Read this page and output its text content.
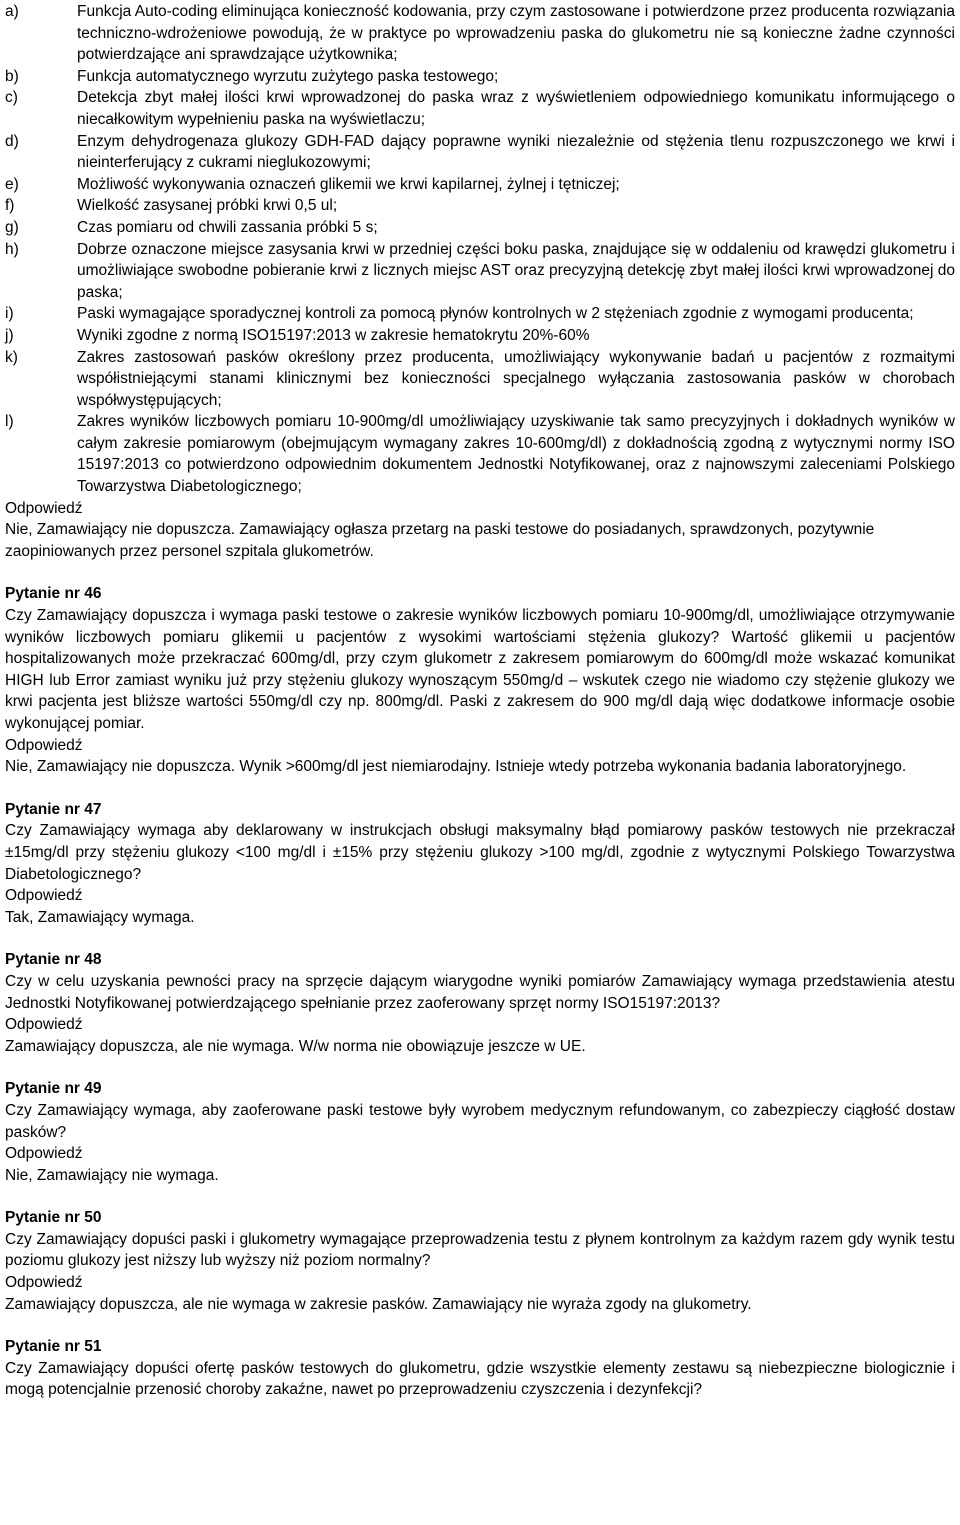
a)	Funkcja Auto-coding eliminująca konieczność kodowania, przy czym zastosowane i potwierdzone przez producenta rozwiązania techniczno-wdrożeniowe powodują, że w praktyce po wprowadzeniu paska do glukometru nie są konieczne żadne czynności potwierdzające ani sprawdzające użytkownika;
b)	Funkcja automatycznego wyrzutu zużytego paska testowego;
c)	Detekcja zbyt małej ilości krwi wprowadzonej do paska wraz z wyświetleniem odpowiedniego komunikatu informującego o niecałkowitym wypełnieniu paska na wyświetlaczu;
d)	Enzym dehydrogenaza glukozy GDH-FAD dający poprawne wyniki niezależnie od stężenia tlenu rozpuszczonego we krwi i nieinterferujący z cukrami nieglukozowymi;
e)	Możliwość wykonywania oznaczeń glikemii we krwi kapilarnej, żylnej i tętniczej;
f)	Wielkość zasysanej próbki krwi 0,5 ul;
g)	Czas pomiaru od chwili zassania próbki 5 s;
h)	Dobrze oznaczone miejsce zasysania krwi w przedniej części boku paska, znajdujące się w oddaleniu od krawędzi glukometru i umożliwiające swobodne pobieranie krwi z licznych miejsc AST oraz precyzyjną detekcję zbyt małej ilości krwi wprowadzonej do paska;
i)	Paski wymagające sporadycznej kontroli za pomocą płynów kontrolnych w 2 stężeniach zgodnie z wymogami producenta;
j)	Wyniki zgodne z normą ISO15197:2013 w zakresie hematokrytu 20%-60%
k)	Zakres zastosowań pasków określony przez producenta, umożliwiający wykonywanie badań u pacjentów z rozmaitymi współistniejącymi stanami klinicznymi bez konieczności specjalnego wyłączania zastosowania pasków w chorobach współwystępujących;
l)	Zakres wyników liczbowych pomiaru 10-900mg/dl umożliwiający uzyskiwanie tak samo precyzyjnych i dokładnych wyników w całym zakresie pomiarowym (obejmującym wymagany zakres 10-600mg/dl) z dokładnością zgodną z wytycznymi normy ISO 15197:2013 co potwierdzono odpowiednim dokumentem Jednostki Notyfikowanej, oraz z najnowszymi zaleceniami Polskiego Towarzystwa Diabetologicznego;

Odpowiedź

Nie, Zamawiający nie dopuszcza. Zamawiający ogłasza przetarg na paski testowe do posiadanych, sprawdzonych, pozytywnie zaopiniowanych przez personel szpitala glukometrów.

Pytanie nr 46

Czy Zamawiający dopuszcza i wymaga paski testowe o zakresie wyników liczbowych pomiaru 10-900mg/dl, umożliwiające otrzymywanie wyników liczbowych pomiaru glikemii u pacjentów z wysokimi wartościami stężenia glukozy? Wartość glikemii u pacjentów hospitalizowanych może przekraczać 600mg/dl, przy czym glukometr z zakresem pomiarowym do 600mg/dl może wskazać komunikat HIGH lub Error zamiast wyniku już przy stężeniu glukozy wynoszącym 550mg/d – wskutek czego nie wiadomo czy stężenie glukozy we krwi pacjenta jest bliższe wartości 550mg/dl czy np. 800mg/dl. Paski z zakresem do 900 mg/dl dają więc dodatkowe informacje osobie wykonującej pomiar.

Odpowiedź

Nie, Zamawiający nie dopuszcza. Wynik >600mg/dl jest niemiarodajny. Istnieje wtedy potrzeba wykonania badania laboratoryjnego.

Pytanie nr 47

Czy Zamawiający wymaga aby deklarowany w instrukcjach obsługi maksymalny błąd pomiarowy pasków testowych nie przekraczał ±15mg/dl przy stężeniu glukozy <100 mg/dl i ±15% przy stężeniu glukozy >100 mg/dl, zgodnie z wytycznymi Polskiego Towarzystwa Diabetologicznego?

Odpowiedź

Tak, Zamawiający wymaga.

Pytanie nr 48

Czy w celu uzyskania pewności pracy na sprzęcie dającym wiarygodne wyniki pomiarów Zamawiający wymaga przedstawienia atestu Jednostki Notyfikowanej potwierdzającego spełnianie przez zaoferowany sprzęt normy ISO15197:2013?

Odpowiedź

Zamawiający dopuszcza, ale nie wymaga. W/w norma nie obowiązuje jeszcze w UE.

Pytanie nr 49

Czy Zamawiający wymaga, aby zaoferowane paski testowe były wyrobem medycznym refundowanym, co zabezpieczy ciągłość dostaw pasków?

Odpowiedź

Nie, Zamawiający nie wymaga.

Pytanie nr 50

Czy Zamawiający dopuści paski i glukometry wymagające przeprowadzenia testu z płynem kontrolnym za każdym razem gdy wynik testu poziomu glukozy jest niższy lub wyższy niż poziom normalny?

Odpowiedź

Zamawiający dopuszcza, ale nie wymaga w zakresie pasków. Zamawiający nie wyraża zgody na glukometry.

Pytanie nr 51

Czy Zamawiający dopuści ofertę pasków testowych do glukometru, gdzie wszystkie elementy zestawu są niebezpieczne biologicznie i mogą potencjalnie przenosić choroby zakaźne, nawet po przeprowadzeniu czyszczenia i dezynfekcji?
